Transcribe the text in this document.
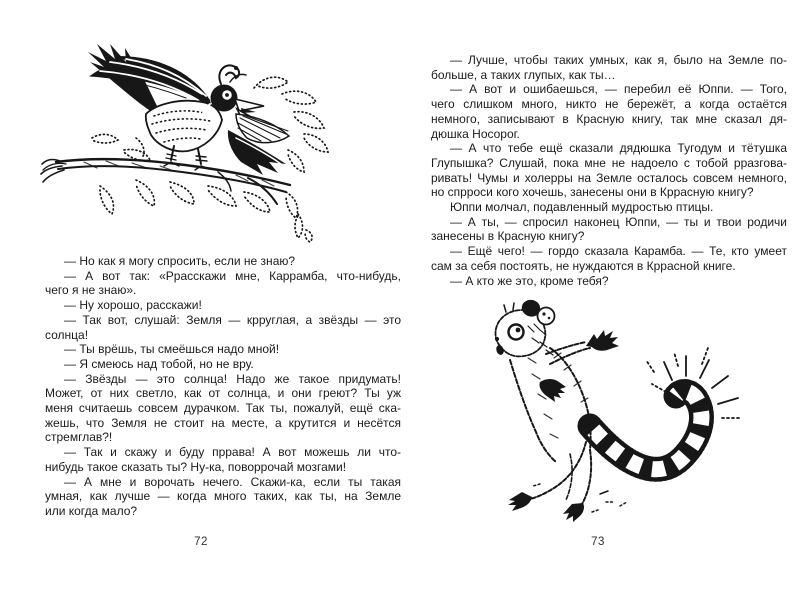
— Но как я могу спросить, если не знаю?

— А вот так: «Ррасскажи мне, Каррамба, что-нибудь,
чего я не знаю».

— Ну хорошо, расскажи!

— Так вот, слушай: Земля — крруглая, а звёзды — это
солнца!

— Ты врёшь, ты смеёшься надо мной!

— Я смеюсь над тобой, но не вру.

— Звёзды — это солнца! Надо же такое придумать!
Может, от них светло, как от солнца, и они греют? Ты уж
меня считаешь совсем дурачком. Так ты, пожалуй, ещё ска-
жешь, что Земля не стоит на месте, а крутится и несётся
стремглав?!

— Так и скажу и буду пррава! А вот можешь ли что-
нибудь такое сказать ты? Ну-ка, поворрочай мозгами!

— А мне и ворочать нечего. Скажи-ка, если ты такая
умная, как лучше — когда много таких, как ты, на Земле
или когда мало?

72

— Лучше, чтобы таких умных, как я, было на Земле по-
больше, а таких глупых, как ты…

— А вот и ошибаешься, — перебил её Юппи. — Того,
чего слишком много, никто не бережёт, а когда остаётся
немного, записывают в Красную книгу, так мне сказал дя-
дюшка Носорог.

— А что тебе ещё сказали дядюшка Тугодум и тётушка
Глупышка? Слушай, пока мне не надоело с тобой рразгова-
ривать! Чумы и холерры на Земле осталось совсем немного,
но спрроси кого хочешь, занесены они в Кррасную книгу?

Юппи молчал, подавленный мудростью птицы.

— А ты, — спросил наконец Юппи, — ты и твои родичи
занесены в Красную книгу?

— Ещё чего! — гордо сказала Карамба. — Те, кто умеет
сам за себя постоять, не нуждаются в Кррасной книге.

— А кто же это, кроме тебя?

73
